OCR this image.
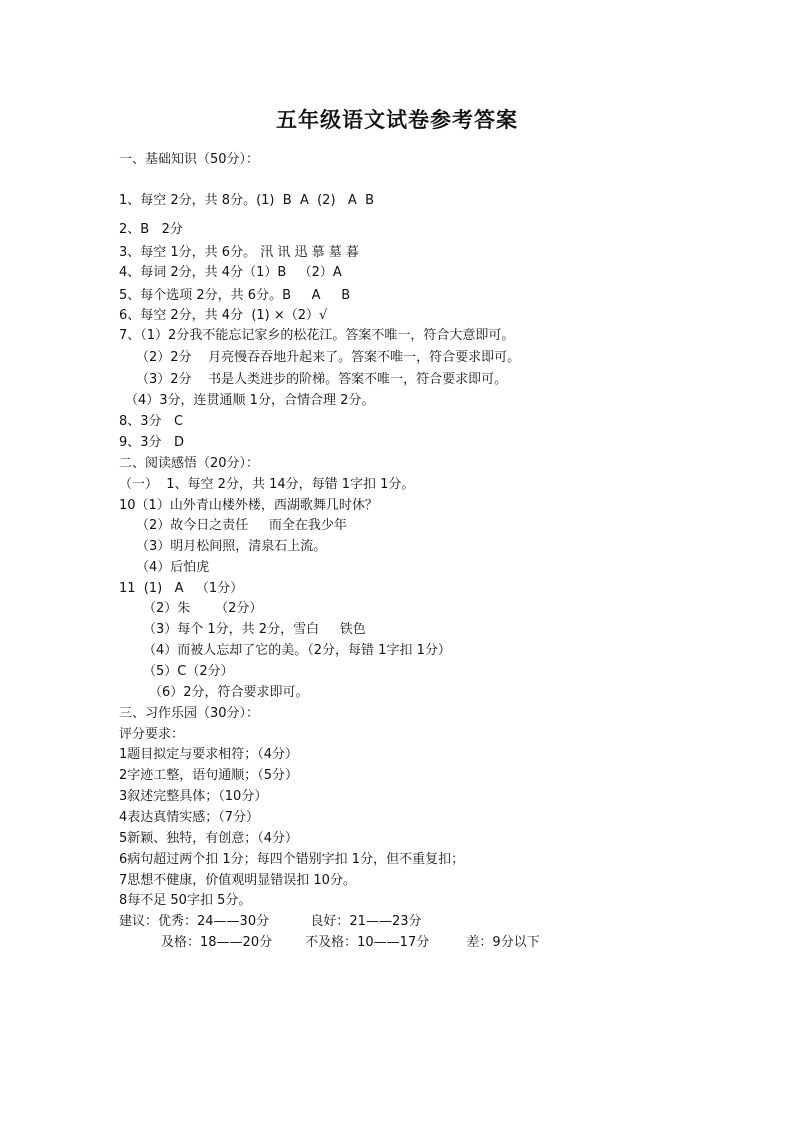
五年级语文试卷参考答案
一、基础知识（50分）：
1、每空 2分，共 8分。(1)  B  A  (2)   A  B
2、B   2分
3、每空 1分，共 6分。 汛 讯 迅 慕 墓 暮
4、每词 2分，共 4分（1）B   （2）A
5、每个选项 2分，共 6分。B     A     B
6、每空 2分，共 4分  (1) ×（2）√
7、（1）2分我不能忘记家乡的松花江。答案不唯一，符合大意即可。
（2）2分    月亮慢吞吞地升起来了。答案不唯一，符合要求即可。
（3）2分    书是人类进步的阶梯。答案不唯一，符合要求即可。
（4）3分，连贯通顺 1分，合情合理 2分。
8、3分   C
9、3分   D
二、阅读感悟（20分）：
（一）  1、每空 2分，共 14分，每错 1字扣 1分。
10（1）山外青山楼外楼，西湖歌舞几时休？
（2）故今日之责任     而全在我少年
（3）明月松间照，清泉石上流。
（4）后怕虎
11  (1)   A   （1分）
（2）朱      （2分）
（3）每个 1分，共 2分，雪白     铁色
（4）而被人忘却了它的美。（2分，每错 1字扣 1分）
（5）C（2分）
（6）2分，符合要求即可。
三、习作乐园（30分）：
评分要求：
1题目拟定与要求相符；（4分）
2字迹工整，语句通顺；（5分）
3叙述完整具体；（10分）
4表达真情实感；（7分）
5新颖、独特，有创意；（4分）
6病句超过两个扣 1分；每四个错别字扣 1分，但不重复扣；
7思想不健康，价值观明显错误扣 10分。
8每不足 50字扣 5分。
建议：优秀：24——30分          良好：21——23分
及格：18——20分        不及格：10——17分         差：9分以下
